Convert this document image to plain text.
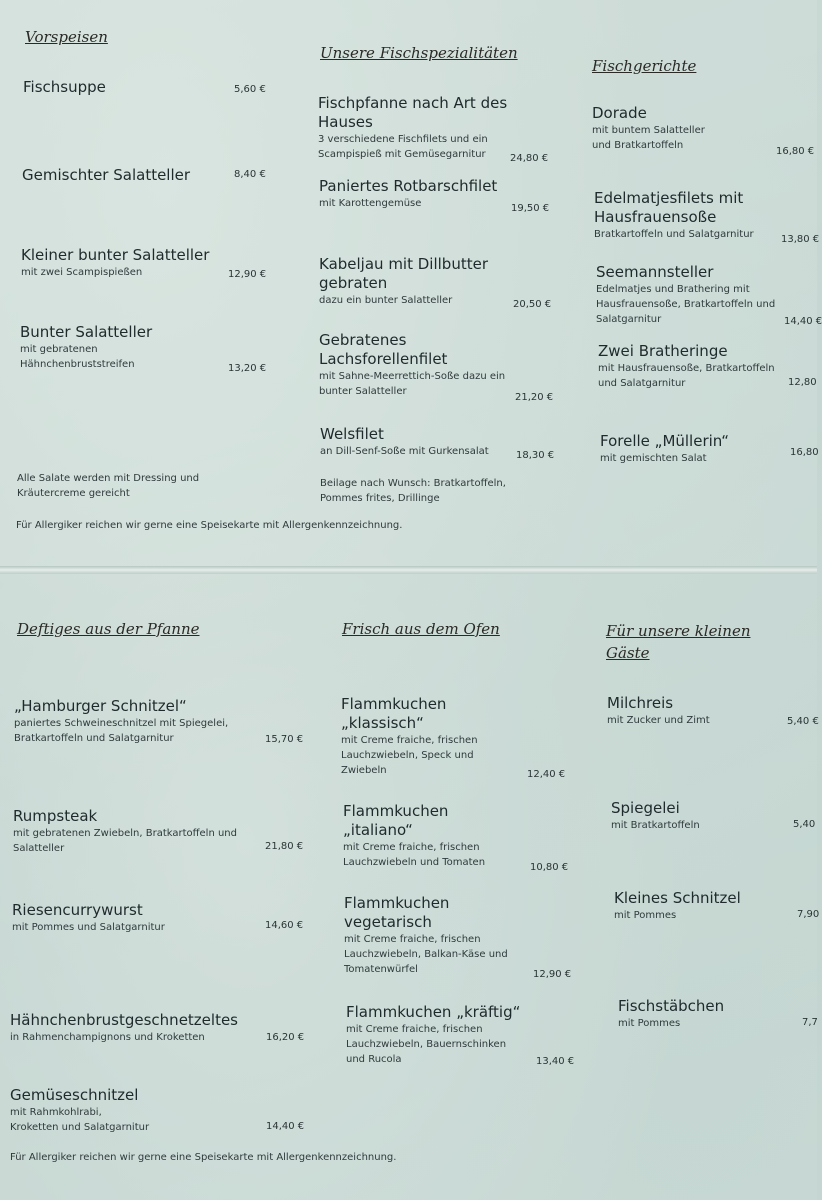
Vorspeisen
Unsere Fischspezialitäten
Fischgerichte
Fischsuppe	5,60 €
Gemischter Salatteller	8,40 €
Kleiner bunter Salatteller
mit zwei Scampispießen	12,90 €
Bunter Salatteller
mit gebratenen
Hähnchenbruststreifen	13,20 €
Alle Salate werden mit Dressing und
Kräutercreme gereicht
Fischpfanne nach Art des
Hauses
3 verschiedene Fischfilets und ein
Scampispieß mit Gemüsegarnitur	24,80 €
Paniertes Rotbarschfilet
mit Karottengemüse	19,50 €
Kabeljau mit Dillbutter
gebraten
dazu ein bunter Salatteller	20,50 €
Gebratenes
Lachsforellenfilet
mit Sahne-Meerrettich-Soße dazu ein
bunter Salatteller
21,20 €
Welsfilet
an Dill-Senf-Soße mit Gurkensalat	18,30 €
Beilage nach Wunsch: Bratkartoffeln,
Pommes frites, Drillinge
Dorade
mit buntem Salatteller
und Bratkartoffeln
16,80 €
Edelmatjesfilets mit
Hausfrauensoße
Bratkartoffeln und Salatgarnitur	13,80 €
Seemannsteller
Edelmatjes und Brathering mit
Hausfrauensoße, Bratkartoffeln und
Salatgarnitur	14,40 €
Zwei Bratheringe
mit Hausfrauensoße, Bratkartoffeln
und Salatgarnitur	12,80
Forelle „Müllerin“
mit gemischten Salat
16,80
Für Allergiker reichen wir gerne eine Speisekarte mit Allergenkennzeichnung.
Deftiges aus der Pfanne	Frisch aus dem Ofen	Für unsere kleinen
Gäste
„Hamburger Schnitzel“
paniertes Schweineschnitzel mit Spiegelei,
Bratkartoffeln und Salatgarnitur	15,70 €
Rumpsteak
mit gebratenen Zwiebeln, Bratkartoffeln und
Salatteller	21,80 €
Riesencurrywurst
mit Pommes und Salatgarnitur	14,60 €
Hähnchenbrustgeschnetzeltes
in Rahmenchampignons und Kroketten	16,20 €
Gemüseschnitzel
mit Rahmkohlrabi,
Kroketten und Salatgarnitur	14,40 €
Flammkuchen
„klassisch“
mit Creme fraiche, frischen
Lauchzwiebeln, Speck und
Zwiebeln	12,40 €
Flammkuchen
„italiano“
mit Creme fraiche, frischen
Lauchzwiebeln und Tomaten	10,80 €
Flammkuchen
vegetarisch
mit Creme fraiche, frischen
Lauchzwiebeln, Balkan-Käse und
Tomatenwürfel	12,90 €
Flammkuchen „kräftig“
mit Creme fraiche, frischen
Lauchzwiebeln, Bauernschinken
und Rucola	13,40 €
Milchreis
mit Zucker und Zimt	5,40 €
Spiegelei
mit Bratkartoffeln	5,40
Kleines Schnitzel
mit Pommes	7,90
Fischstäbchen
mit Pommes	7,7
Für Allergiker reichen wir gerne eine Speisekarte mit Allergenkennzeichnung.
